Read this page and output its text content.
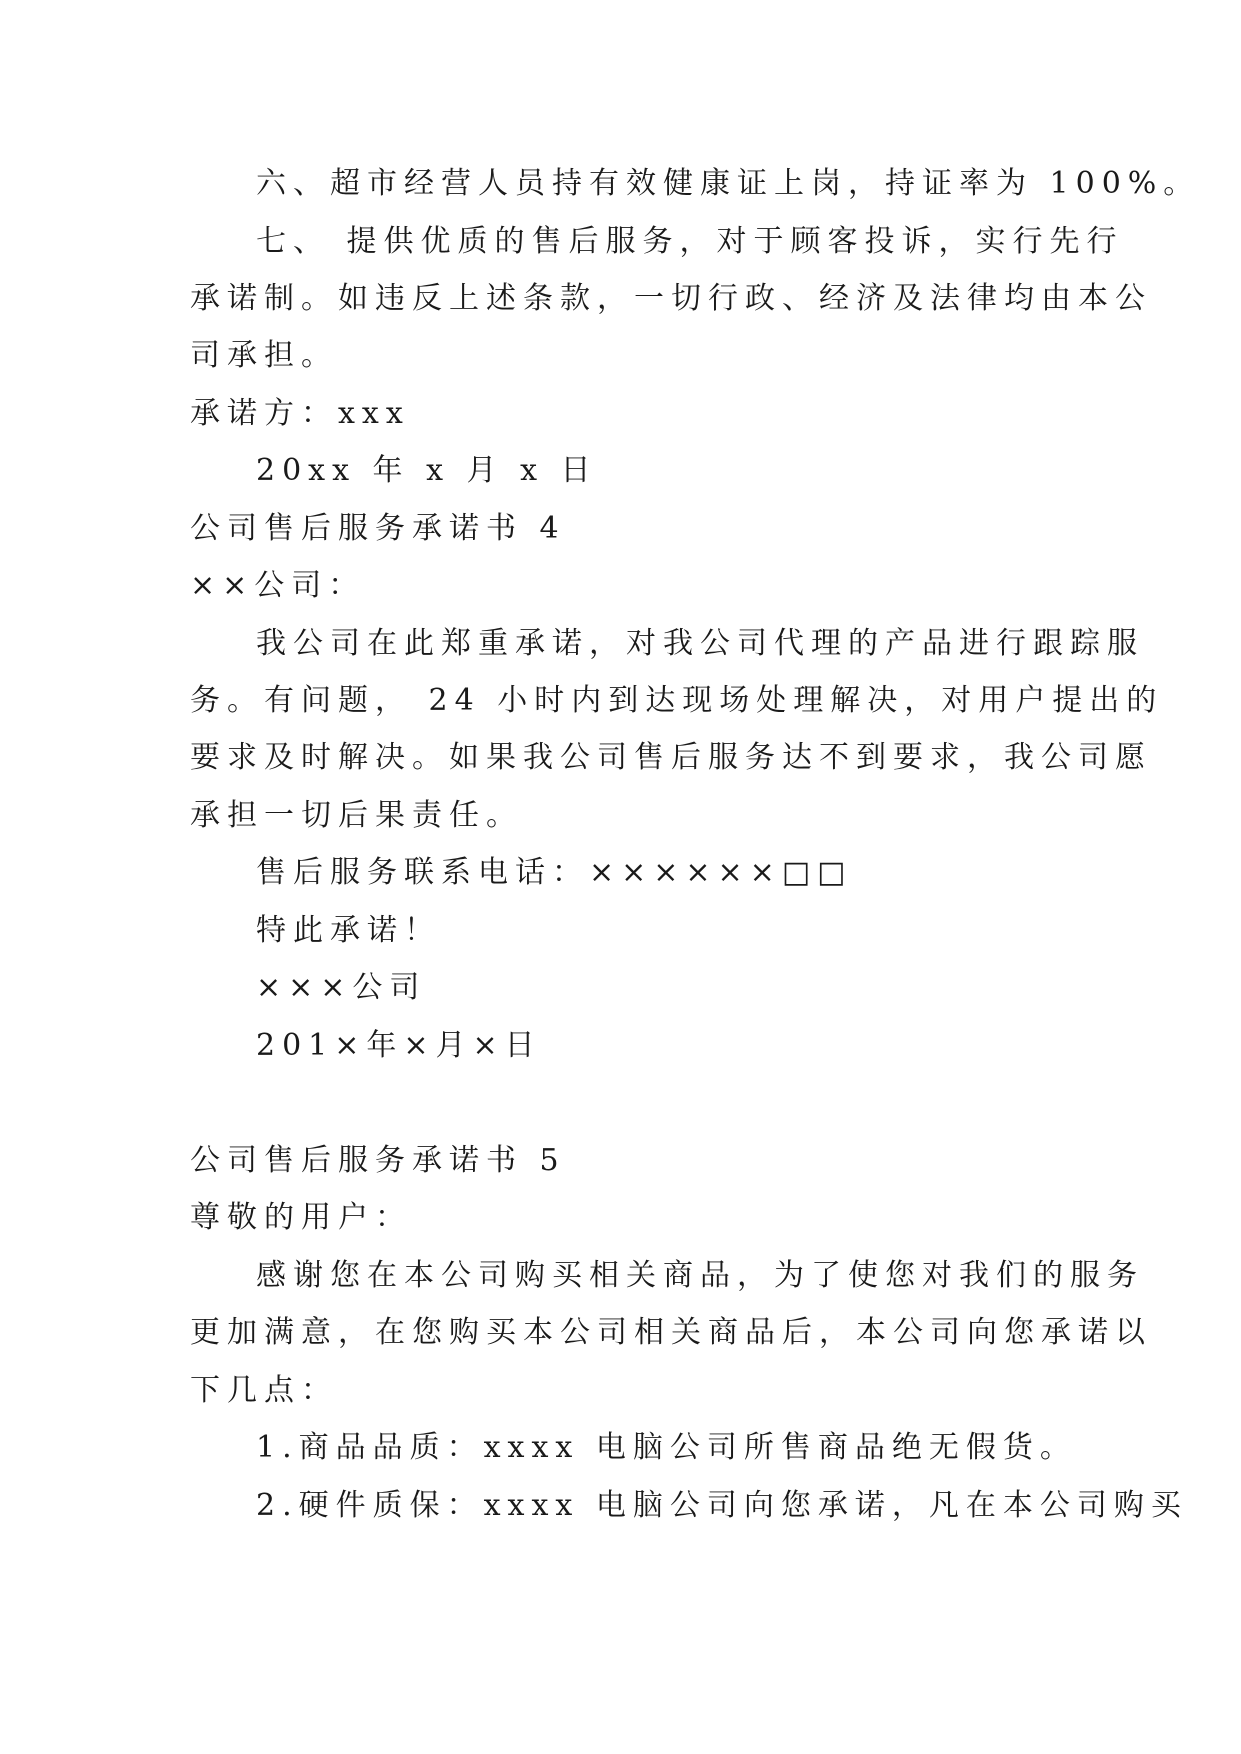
六、超市经营人员持有效健康证上岗，持证率为 100%。
七、 提供优质的售后服务，对于顾客投诉，实行先行
承诺制。如违反上述条款，一切行政、经济及法律均由本公
司承担。
承诺方：xxx
20xx 年 x 月 x 日
公司售后服务承诺书 4
××公司：
我公司在此郑重承诺，对我公司代理的产品进行跟踪服
务。有问题， 24 小时内到达现场处理解决，对用户提出的
要求及时解决。如果我公司售后服务达不到要求，我公司愿
承担一切后果责任。
售后服务联系电话：××××××□□
特此承诺！
×××公司
201×年×月×日
公司售后服务承诺书 5
尊敬的用户：
感谢您在本公司购买相关商品，为了使您对我们的服务
更加满意，在您购买本公司相关商品后，本公司向您承诺以
下几点：
1.商品品质：xxxx 电脑公司所售商品绝无假货。
2.硬件质保：xxxx 电脑公司向您承诺，凡在本公司购买
